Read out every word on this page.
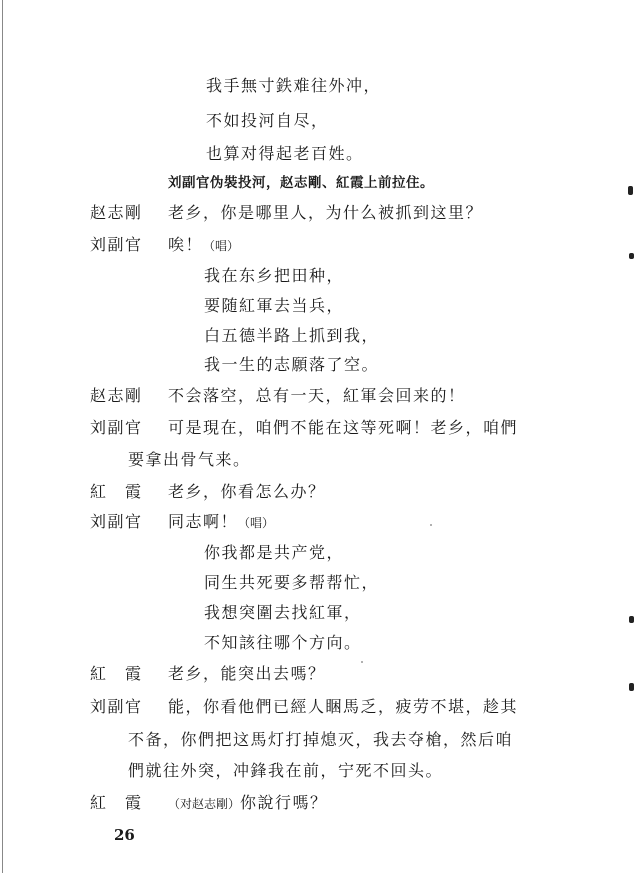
我手無寸鉄难往外冲，
不如投河自尽，
也算对得起老百姓。
刘副官伪裝投河，赵志剛、紅霞上前拉住。
赵志剛 老乡，你是哪里人，为什么被抓到这里？
刘副官 唉！（唱）
我在东乡把田种，
要随紅軍去当兵，
白五德半路上抓到我，
我一生的志願落了空。
赵志剛 不会落空，总有一天，紅軍会回来的！
刘副官 可是現在，咱們不能在这等死啊！老乡，咱們
要拿出骨气来。
紅　霞 老乡，你看怎么办？
刘副官 同志啊！（唱）
你我都是共产党，
同生共死要多帮帮忙，
我想突圍去找紅軍，
不知該往哪个方向。
紅　霞 老乡，能突出去嗎？
刘副官 能，你看他們已經人睏馬乏，疲劳不堪，趁其
不备，你們把这馬灯打掉熄灭，我去夺槍，然后咱
們就往外突，冲鋒我在前，宁死不回头。
紅　霞 （对赵志剛）你說行嗎？
26
